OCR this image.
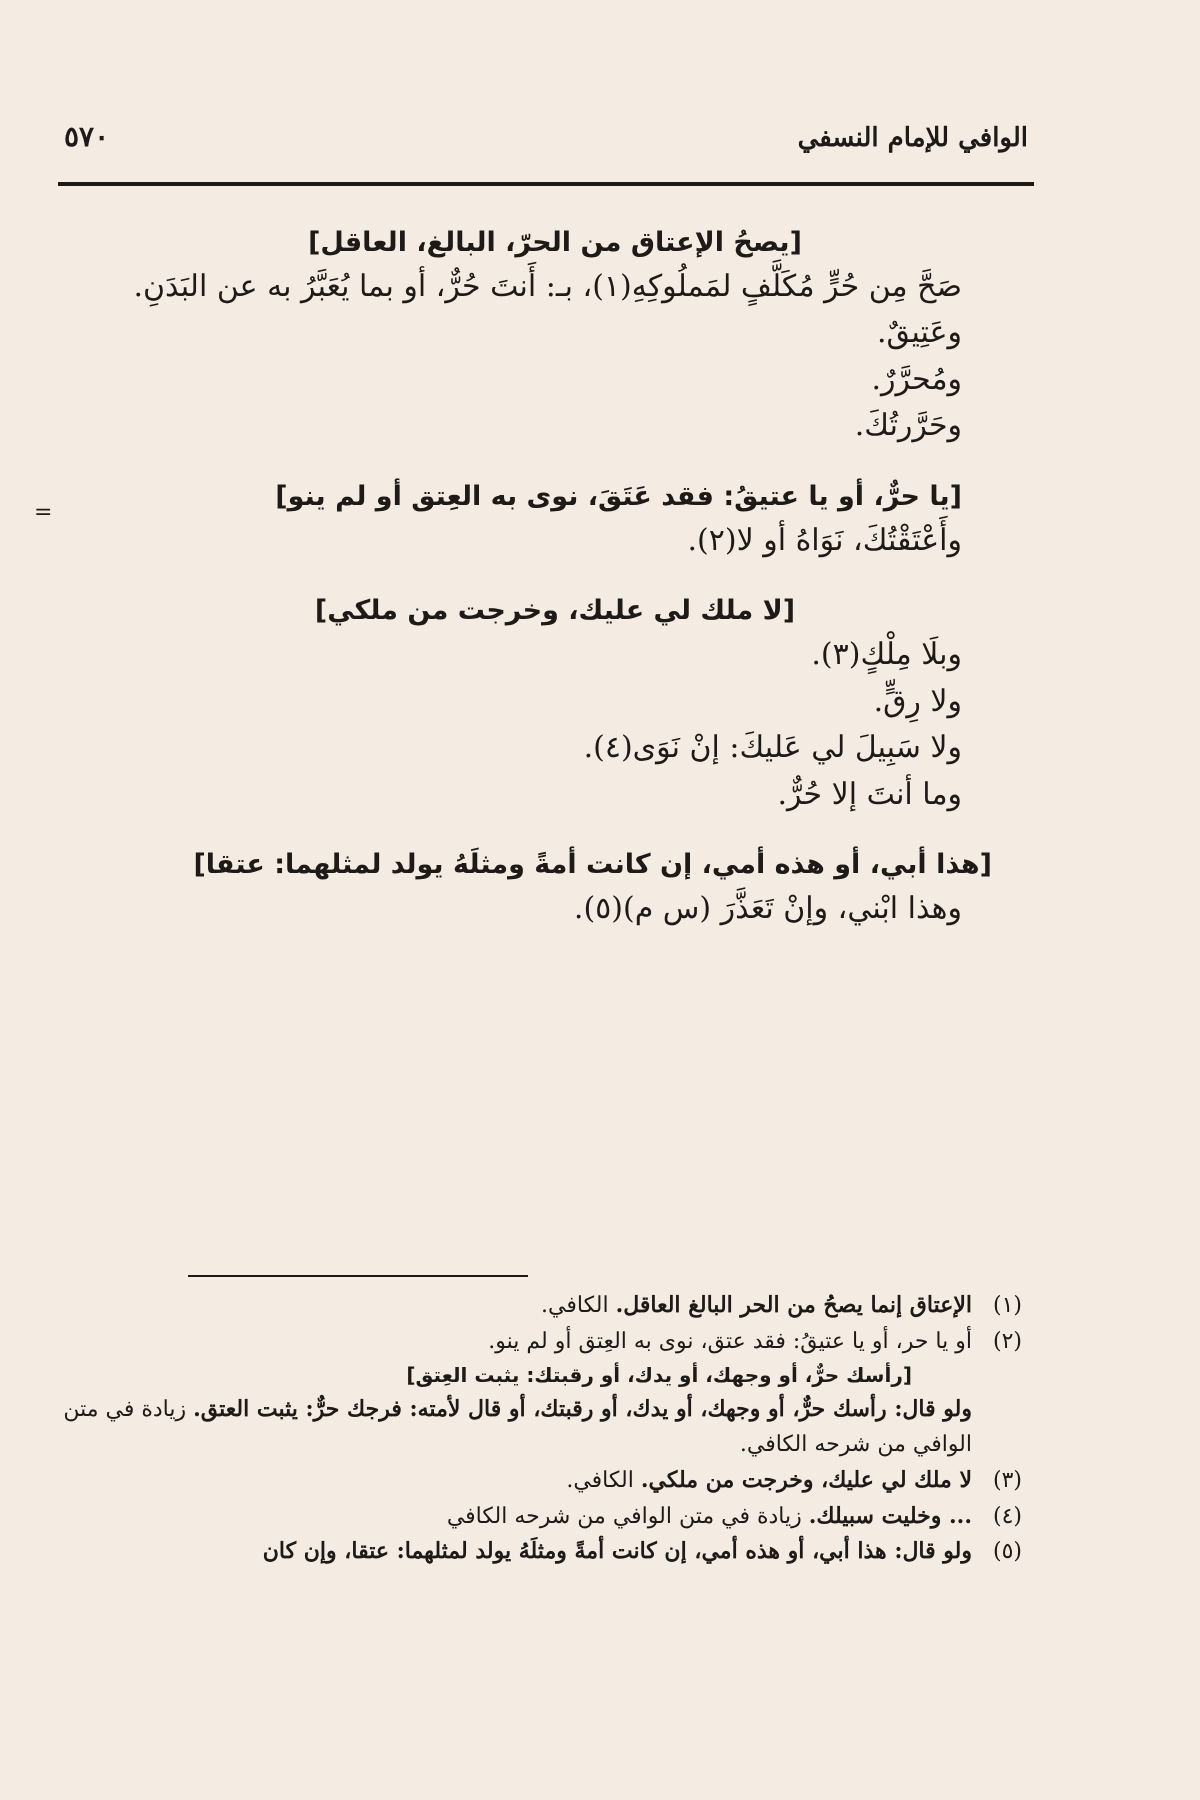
الوافي للإمام النسفي
٥٧٠

[يصحُ الإعتاق من الحرّ، البالغ، العاقل]

صَحَّ مِن حُرٍّ مُكَلَّفٍ لمَملُوكِهِ(١)، بـ: أَنتَ حُرٌّ، أو بما يُعَبَّرُ به عن البَدَنِ.

وعَتِيقٌ.

ومُحرَّرٌ.

وحَرَّرتُكَ.

[يا حرٌّ، أو يا عتيقُ: فقد عَتَقَ، نوى به العِتق أو لم ينو]

وأَعْتَقْتُكَ، نَوَاهُ أو لا(٢).

[لا ملك لي عليك، وخرجت من ملكي]

وبلَا مِلْكٍ(٣).

ولا رِقٍّ.

ولا سَبِيلَ لي عَليكَ: إنْ نَوَى(٤).

وما أنتَ إلا حُرٌّ.

[هذا أبي، أو هذه أمي، إن كانت أمةً ومثلَهُ يولد لمثلهما: عتقا]

وهذا ابْني، وإنْ تَعَذَّرَ (س م)(٥).

(١)
الإعتاق إنما يصحُ من الحر البالغ العاقل. الكافي.

(٢)
أو يا حر، أو يا عتيقُ: فقد عتق، نوى به العِتق أو لم ينو.

[رأسك حرٌّ، أو وجهك، أو يدك، أو رقبتك: يثبت العِتق]

ولو قال: رأسك حرٌّ، أو وجهك، أو يدك، أو رقبتك، أو قال لأمته: فرجك حرٌّ: يثبت العتق. زيادة في متن الوافي من شرحه الكافي.

(٣)
لا ملك لي عليك، وخرجت من ملكي. الكافي.

(٤)
... وخليت سبيلك. زيادة في متن الوافي من شرحه الكافي

(٥)
ولو قال: هذا أبي، أو هذه أمي، إن كانت أمةً ومثلَهُ يولد لمثلهما: عتقا، وإن كان

=
